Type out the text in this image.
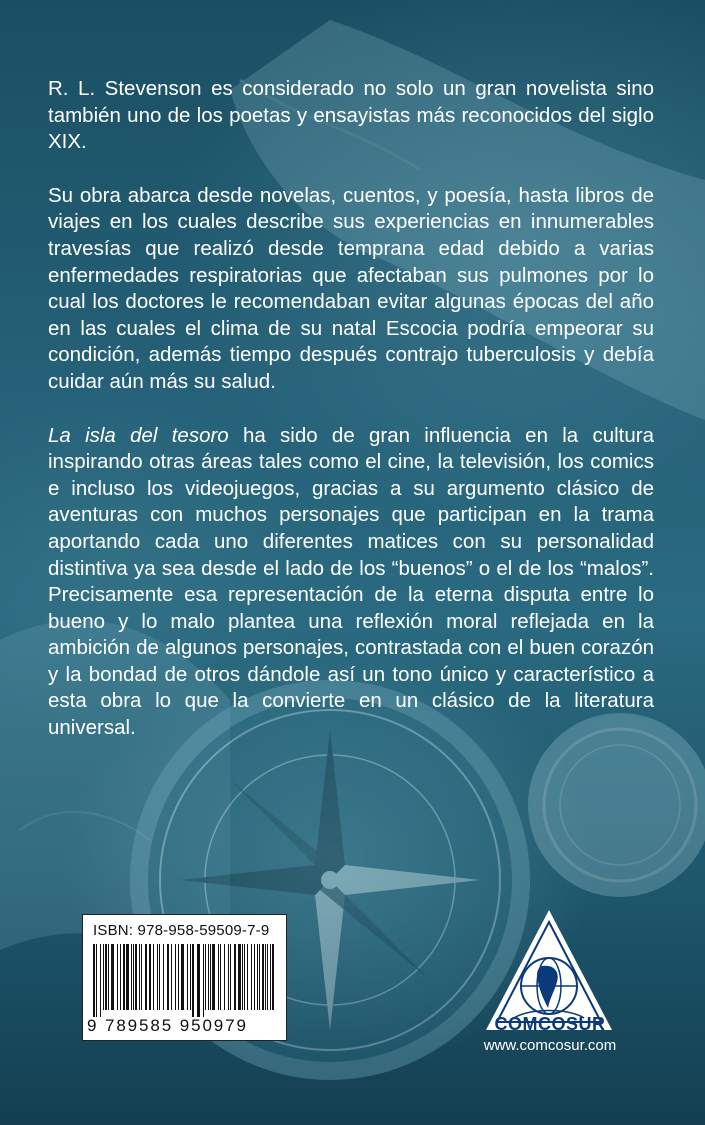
R. L. Stevenson es considerado no solo un gran novelista sino también uno de los poetas y ensayistas más reconocidos del siglo XIX.

Su obra abarca desde novelas, cuentos, y poesía, hasta libros de viajes en los cuales describe sus experiencias en innumerables travesías que realizó desde temprana edad debido a varias enfermedades respiratorias que afectaban sus pulmones por lo cual los doctores le recomendaban evitar algunas épocas del año en las cuales el clima de su natal Escocia podría empeorar su condición, además tiempo después contrajo tuberculosis y debía cuidar aún más su salud.

La isla del tesoro ha sido de gran influencia en la cultura inspirando otras áreas tales como el cine, la televisión, los comics e incluso los videojuegos, gracias a su argumento clásico de aventuras con muchos personajes que participan en la trama aportando cada uno diferentes matices con su personalidad distintiva ya sea desde el lado de los “buenos” o el de los “malos”. Precisamente esa representación de la eterna disputa entre lo bueno y lo malo plantea una reflexión moral reflejada en la ambición de algunos personajes, contrastada con el buen corazón y la bondad de otros dándole así un tono único y característico a esta obra lo que la convierte en un clásico de la literatura universal.

ISBN: 978-958-59509-7-9
9 789585 950979	COMCOSUR
www.comcosur.com
